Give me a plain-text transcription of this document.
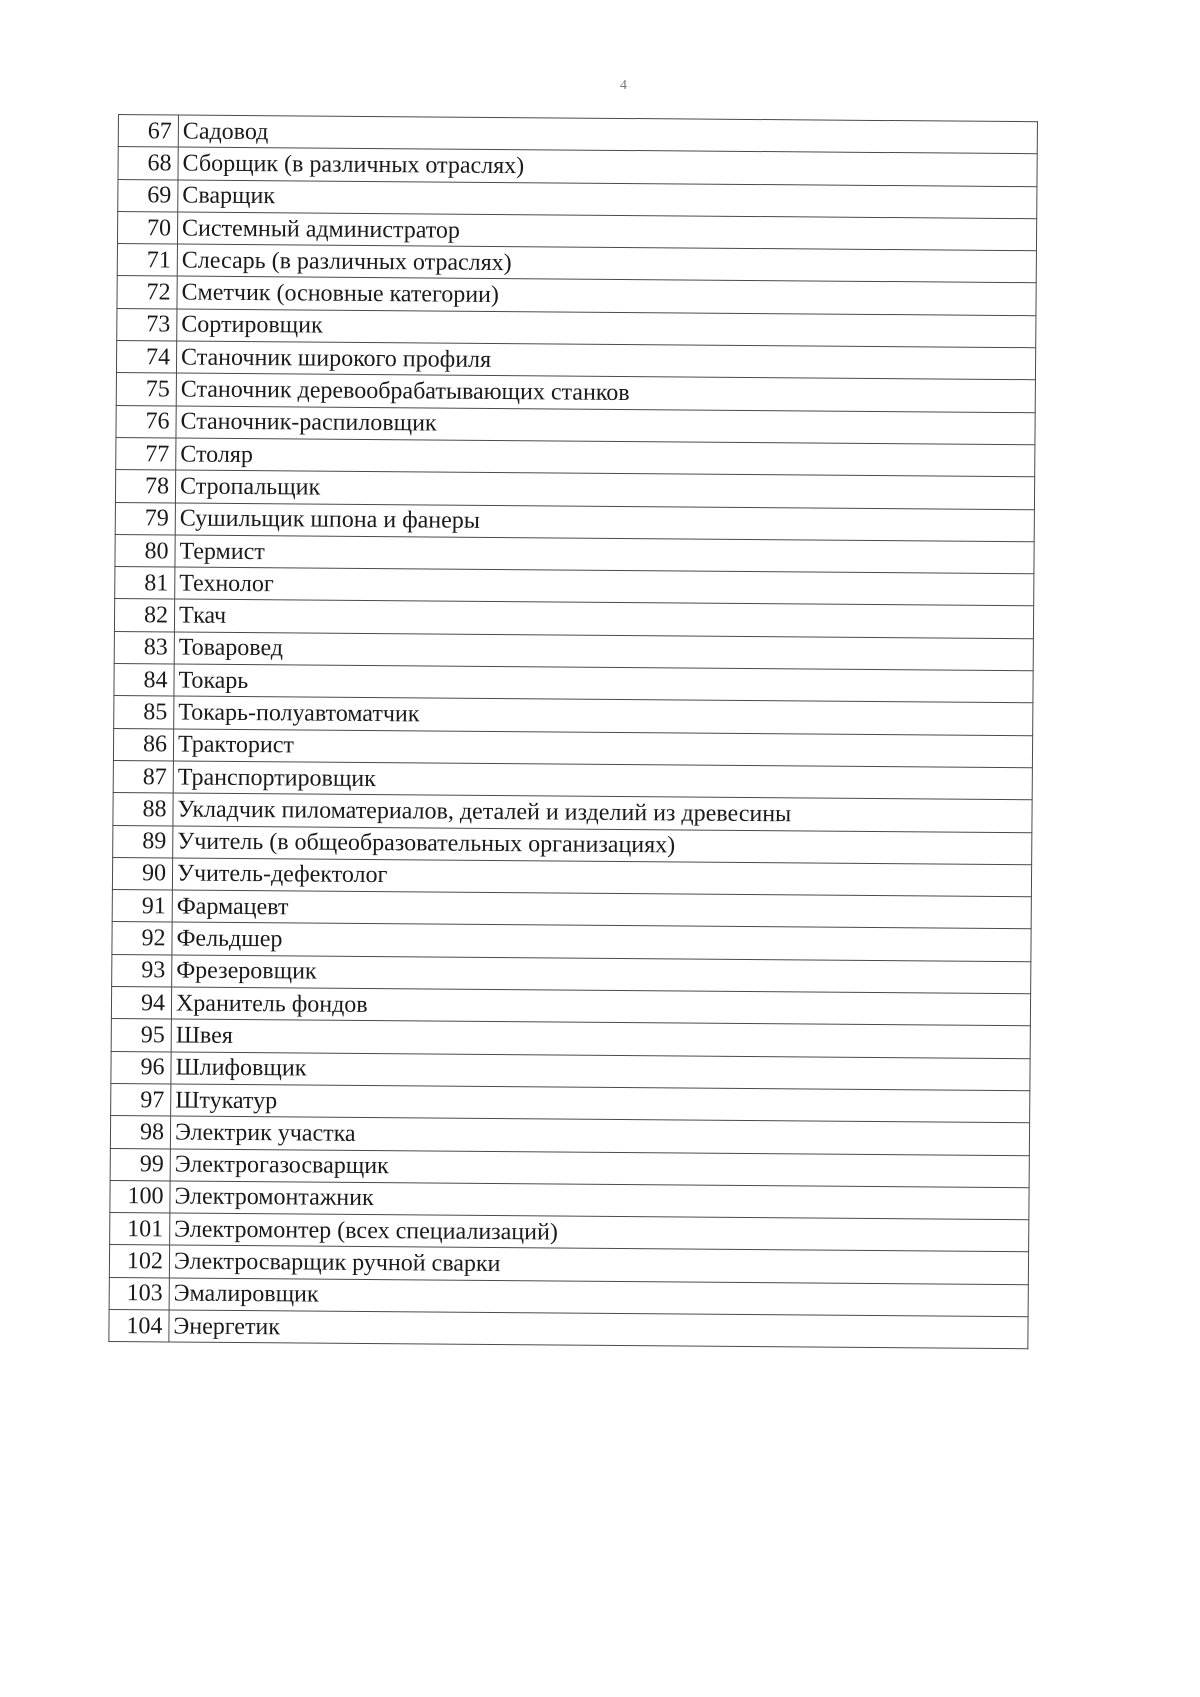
4
67	Садовод
68	Сборщик (в различных отраслях)
69	Сварщик
70	Системный администратор
71	Слесарь (в различных отраслях)
72	Сметчик (основные категории)
73	Сортировщик
74	Станочник широкого профиля
75	Станочник деревообрабатывающих станков
76	Станочник-распиловщик
77	Столяр
78	Стропальщик
79	Сушильщик шпона и фанеры
80	Термист
81	Технолог
82	Ткач
83	Товаровед
84	Токарь
85	Токарь-полуавтоматчик
86	Тракторист
87	Транспортировщик
88	Укладчик пиломатериалов, деталей и изделий из древесины
89	Учитель (в общеобразовательных организациях)
90	Учитель-дефектолог
91	Фармацевт
92	Фельдшер
93	Фрезеровщик
94	Хранитель фондов
95	Швея
96	Шлифовщик
97	Штукатур
98	Электрик участка
99	Электрогазосварщик
100	Электромонтажник
101	Электромонтер (всех специализаций)
102	Электросварщик ручной сварки
103	Эмалировщик
104	Энергетик
